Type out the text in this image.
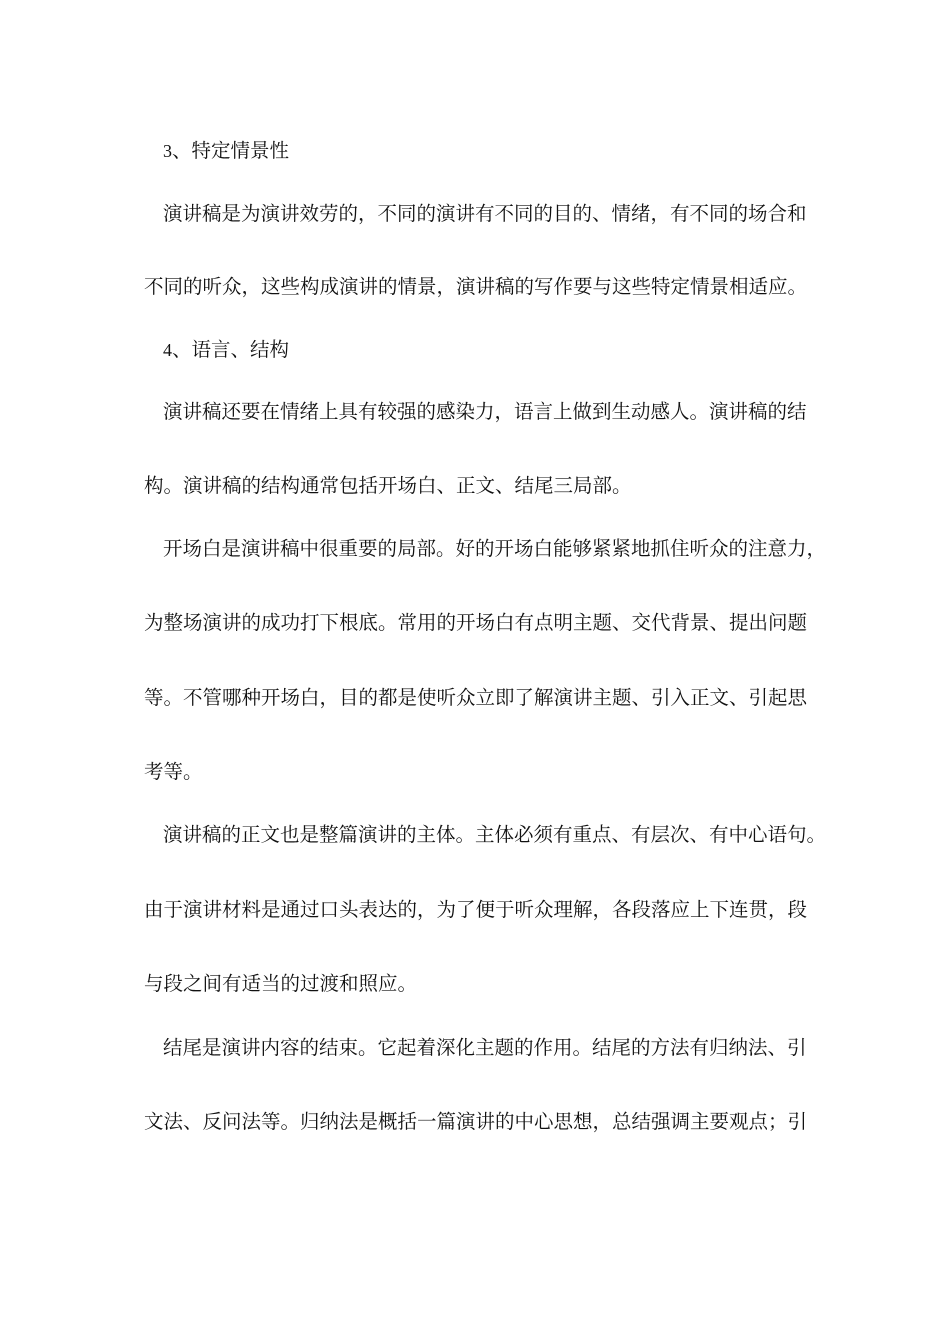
3、特定情景性
演讲稿是为演讲效劳的，不同的演讲有不同的目的、情绪，有不同的场合和
不同的听众，这些构成演讲的情景，演讲稿的写作要与这些特定情景相适应。
4、语言、结构
演讲稿还要在情绪上具有较强的感染力，语言上做到生动感人。演讲稿的结
构。演讲稿的结构通常包括开场白、正文、结尾三局部。
开场白是演讲稿中很重要的局部。好的开场白能够紧紧地抓住听众的注意力，
为整场演讲的成功打下根底。常用的开场白有点明主题、交代背景、提出问题
等。不管哪种开场白，目的都是使听众立即了解演讲主题、引入正文、引起思
考等。
演讲稿的正文也是整篇演讲的主体。主体必须有重点、有层次、有中心语句。
由于演讲材料是通过口头表达的，为了便于听众理解，各段落应上下连贯，段
与段之间有适当的过渡和照应。
结尾是演讲内容的结束。它起着深化主题的作用。结尾的方法有归纳法、引
文法、反问法等。归纳法是概括一篇演讲的中心思想，总结强调主要观点；引
